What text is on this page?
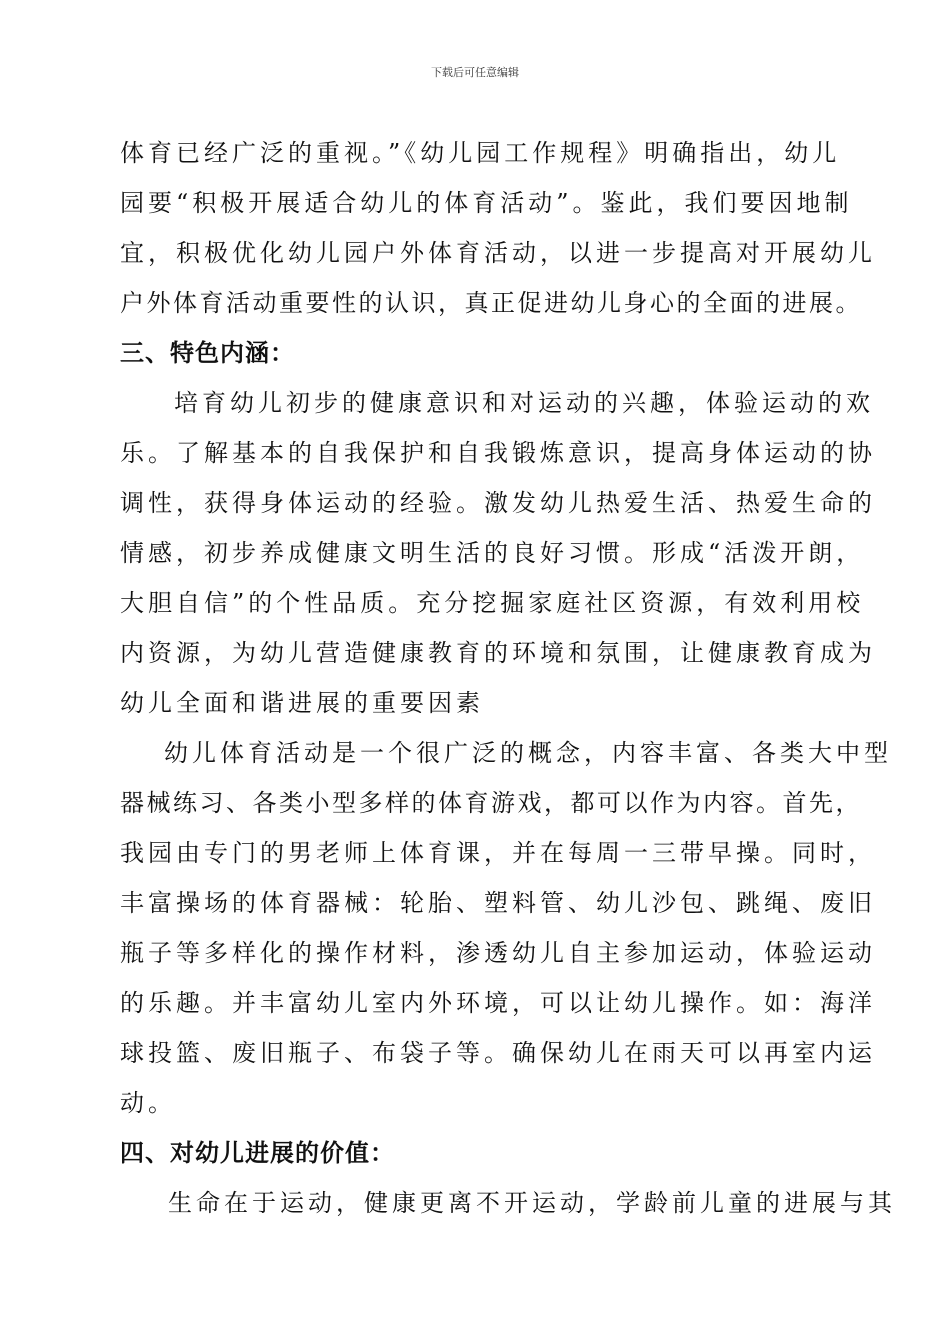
下载后可任意编辑
体育已经广泛的重视。”《幼儿园工作规程》明确指出，幼儿
园要“积极开展适合幼儿的体育活动”。鉴此，我们要因地制
宜，积极优化幼儿园户外体育活动，以进一步提高对开展幼儿
户外体育活动重要性的认识，真正促进幼儿身心的全面的进展。
三、特色内涵：
培育幼儿初步的健康意识和对运动的兴趣，体验运动的欢
乐。了解基本的自我保护和自我锻炼意识，提高身体运动的协
调性，获得身体运动的经验。激发幼儿热爱生活、热爱生命的
情感，初步养成健康文明生活的良好习惯。形成“活泼开朗，
大胆自信”的个性品质。充分挖掘家庭社区资源，有效利用校
内资源，为幼儿营造健康教育的环境和氛围，让健康教育成为
幼儿全面和谐进展的重要因素
幼儿体育活动是一个很广泛的概念，内容丰富、各类大中型
器械练习、各类小型多样的体育游戏，都可以作为内容。首先，
我园由专门的男老师上体育课，并在每周一三带早操。同时，
丰富操场的体育器械：轮胎、塑料管、幼儿沙包、跳绳、废旧
瓶子等多样化的操作材料，渗透幼儿自主参加运动，体验运动
的乐趣。并丰富幼儿室内外环境，可以让幼儿操作。如：海洋
球投篮、废旧瓶子、布袋子等。确保幼儿在雨天可以再室内运
动。
四、对幼儿进展的价值：
生命在于运动，健康更离不开运动，学龄前儿童的进展与其
